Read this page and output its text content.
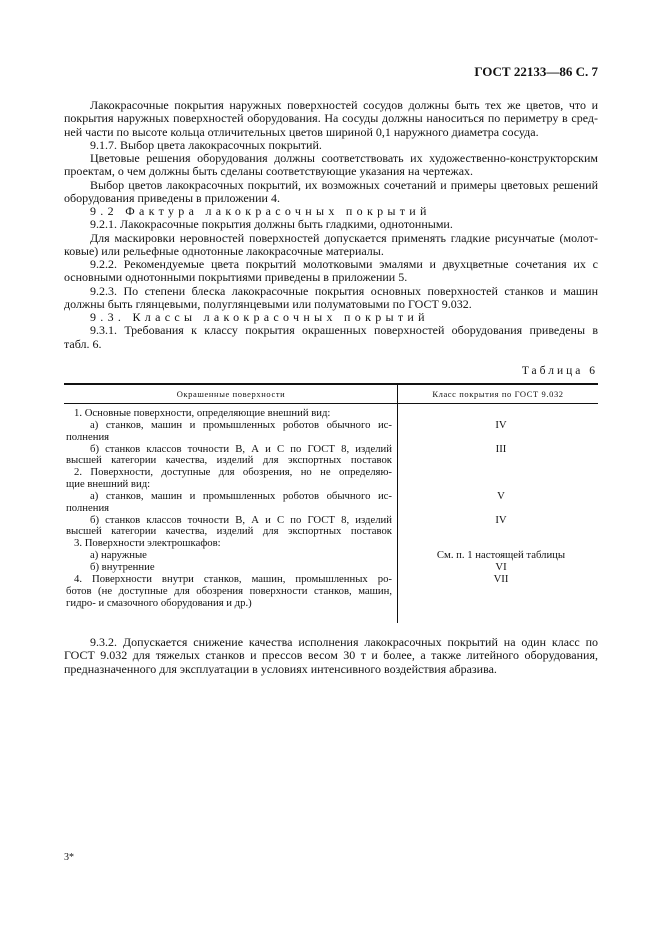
ГОСТ 22133—86 С. 7
Лакокрасочные покрытия наружных поверхностей сосудов должны быть тех же цветов, что и
покрытия наружных поверхностей оборудования. На сосуды должны наноситься по периметру в сред-
ней части по высоте кольца отличительных цветов шириной 0,1 наружного диаметра сосуда.
9.1.7. Выбор цвета лакокрасочных покрытий.
Цветовые решения оборудования должны соответствовать их художественно-конструкторским
проектам, о чем должны быть сделаны соответствующие указания на чертежах.
Выбор цветов лакокрасочных покрытий, их возможных сочетаний и примеры цветовых решений
оборудования приведены в приложении 4.
9.2 Фактура лакокрасочных покрытий
9.2.1. Лакокрасочные покрытия должны быть гладкими, однотонными.
Для маскировки неровностей поверхностей допускается применять гладкие рисунчатые (молот-
ковые) или рельефные однотонные лакокрасочные материалы.
9.2.2. Рекомендуемые цвета покрытий молотковыми эмалями и двухцветные сочетания их с
основными однотонными покрытиями приведены в приложении 5.
9.2.3. По степени блеска лакокрасочные покрытия основных поверхностей станков и машин
должны быть глянцевыми, полуглянцевыми или полуматовыми по ГОСТ 9.032.
9.3. Классы лакокрасочных покрытий
9.3.1. Требования к классу покрытия окрашенных поверхностей оборудования приведены в
табл. 6.
Таблица 6
Окрашенные поверхности	Класс покрытия по ГОСТ 9.032
1. Основные поверхности, определяющие внешний вид:
а) станков, машин и промышленных роботов обычного ис-	IV
полнения
б) станков классов точности В, А и С по ГОСТ 8, изделий	III
высшей категории качества, изделий для экспортных поставок
2. Поверхности, доступные для обозрения, но не определяю-
щие внешний вид:
а) станков, машин и промышленных роботов обычного ис-	V
полнения
б) станков классов точности В, А и С по ГОСТ 8, изделий	IV
высшей категории качества, изделий для экспортных поставок
3. Поверхности электрошкафов:
а) наружные	См. п. 1 настоящей таблицы
б) внутренние	VI
4. Поверхности внутри станков, машин, промышленных ро-	VII
ботов (не доступные для обозрения поверхности станков, машин,
гидро- и смазочного оборудования и др.)
9.3.2. Допускается снижение качества исполнения лакокрасочных покрытий на один класс по
ГОСТ 9.032 для тяжелых станков и прессов весом 30 т и более, а также литейного оборудования,
предназначенного для эксплуатации в условиях интенсивного воздействия абразива.
3*
